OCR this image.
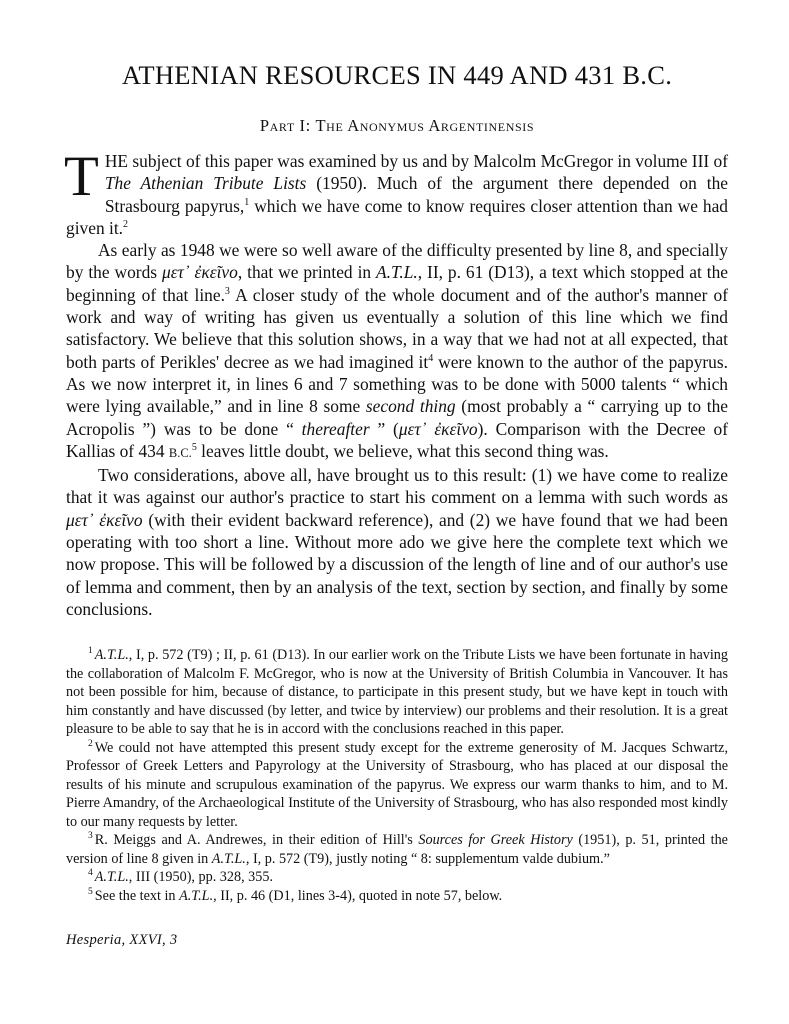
ATHENIAN RESOURCES IN 449 AND 431 B.C.
Part I: The Anonymus Argentinensis

THE subject of this paper was examined by us and by Malcolm McGregor in volume III of The Athenian Tribute Lists (1950). Much of the argument there depended on the Strasbourg papyrus,$^1$ which we have come to know requires closer attention than we had given it.$^2$

As early as 1948 we were so well aware of the difficulty presented by line 8, and specially by the words μετ᾽ ἐκεῖνο, that we printed in A.T.L., II, p. 61 (D13), a text which stopped at the beginning of that line.$^3$ A closer study of the whole document and of the author's manner of work and way of writing has given us eventually a solution of this line which we find satisfactory. We believe that this solution shows, in a way that we had not at all expected, that both parts of Perikles' decree as we had imagined it$^4$ were known to the author of the papyrus. As we now interpret it, in lines 6 and 7 something was to be done with 5000 talents “ which were lying available,” and in line 8 some second thing (most probably a “ carrying up to the Acropolis ”) was to be done “ thereafter ” (μετ᾽ ἐκεῖνο). Comparison with the Decree of Kallias of 434 B.C.$^5$ leaves little doubt, we believe, what this second thing was.

Two considerations, above all, have brought us to this result: (1) we have come to realize that it was against our author's practice to start his comment on a lemma with such words as μετ᾽ ἐκεῖνο (with their evident backward reference), and (2) we have found that we had been operating with too short a line. Without more ado we give here the complete text which we now propose. This will be followed by a discussion of the length of line and of our author's use of lemma and comment, then by an analysis of the text, section by section, and finally by some conclusions.

$^1$ A.T.L., I, p. 572 (T9) ; II, p. 61 (D13). In our earlier work on the Tribute Lists we have been fortunate in having the collaboration of Malcolm F. McGregor, who is now at the University of British Columbia in Vancouver. It has not been possible for him, because of distance, to participate in this present study, but we have kept in touch with him constantly and have discussed (by letter, and twice by interview) our problems and their resolution. It is a great pleasure to be able to say that he is in accord with the conclusions reached in this paper.

$^2$ We could not have attempted this present study except for the extreme generosity of M. Jacques Schwartz, Professor of Greek Letters and Papyrology at the University of Strasbourg, who has placed at our disposal the results of his minute and scrupulous examination of the papyrus. We express our warm thanks to him, and to M. Pierre Amandry, of the Archaeological Institute of the University of Strasbourg, who has also responded most kindly to our many requests by letter.

$^3$ R. Meiggs and A. Andrewes, in their edition of Hill's Sources for Greek History (1951), p. 51, printed the version of line 8 given in A.T.L., I, p. 572 (T9), justly noting “ 8: supplementum valde dubium.”

$^4$ A.T.L., III (1950), pp. 328, 355.

$^5$ See the text in A.T.L., II, p. 46 (D1, lines 3-4), quoted in note 57, below.

Hesperia, XXVI, 3
